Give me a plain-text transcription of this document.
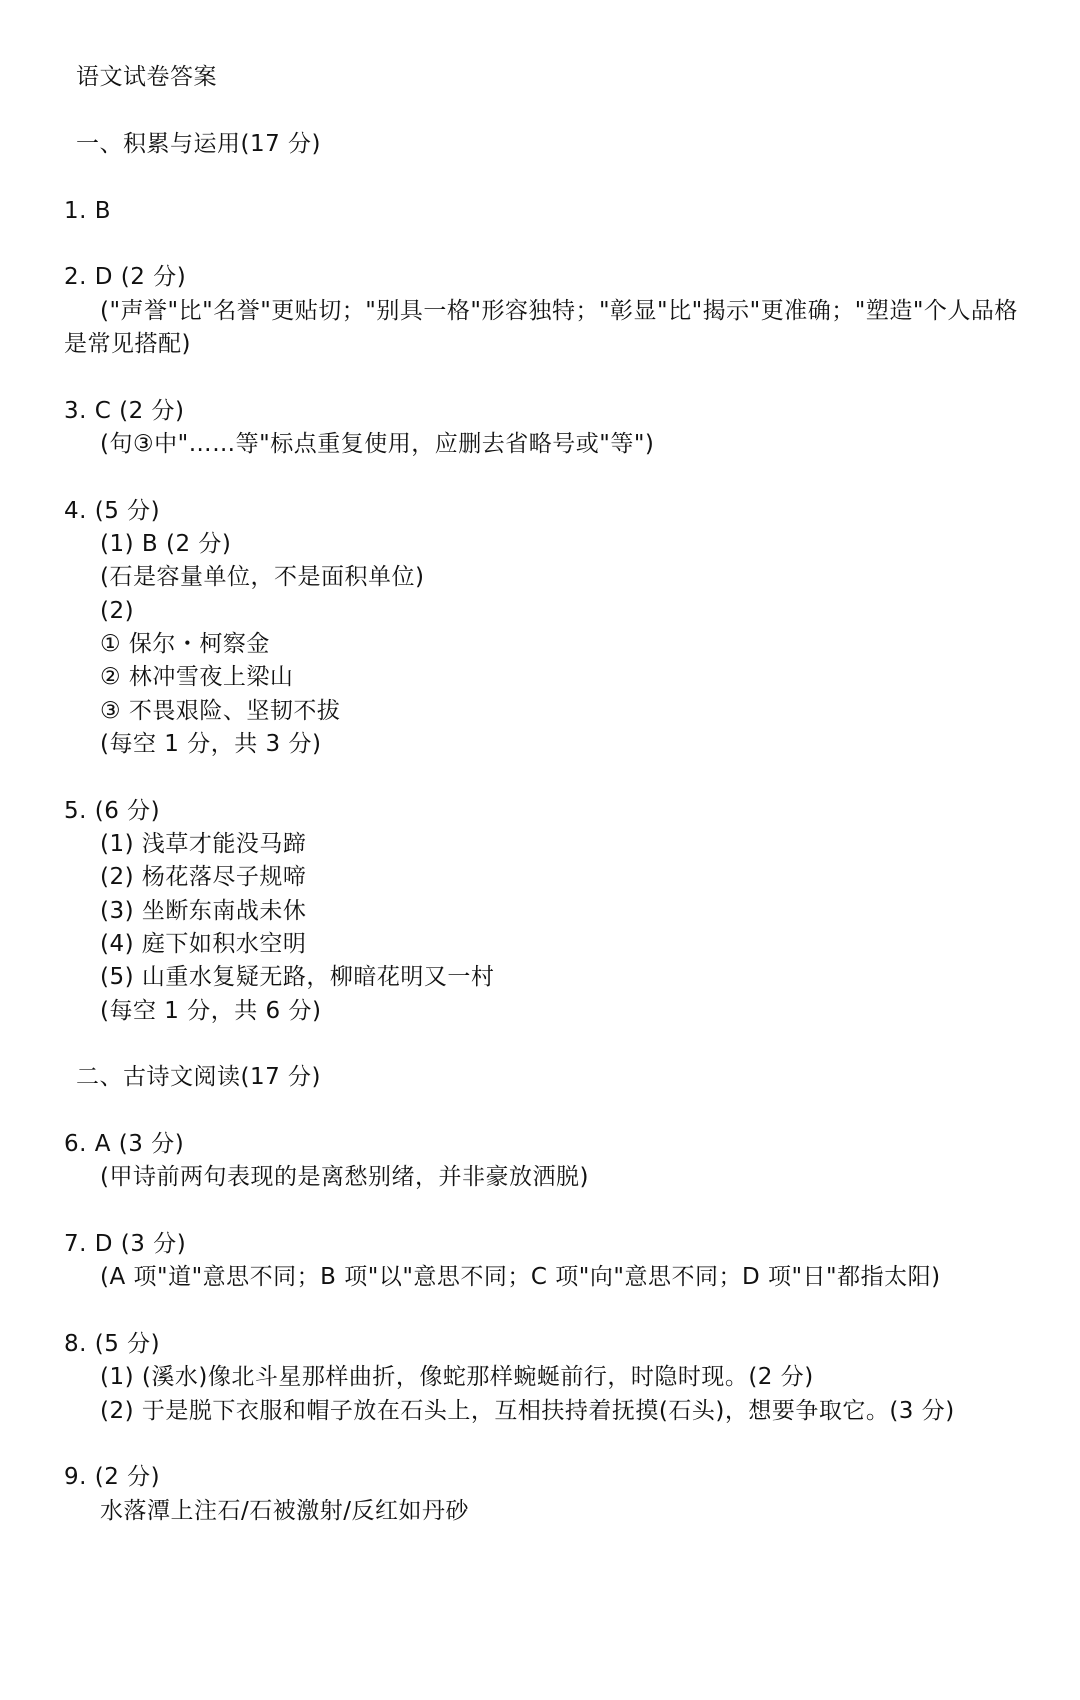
语文试卷答案
一、积累与运用(17 分)
1. B
2. D (2 分)
("声誉"比"名誉"更贴切；"别具一格"形容独特；"彰显"比"揭示"更准确；"塑造"个人品格
是常见搭配)
3. C (2 分)
(句③中"……等"标点重复使用，应删去省略号或"等")
4. (5 分)
(1) B (2 分)
(石是容量单位，不是面积单位)
(2)
① 保尔・柯察金
② 林冲雪夜上梁山
③ 不畏艰险、坚韧不拔
(每空 1 分，共 3 分)
5. (6 分)
(1) 浅草才能没马蹄
(2) 杨花落尽子规啼
(3) 坐断东南战未休
(4) 庭下如积水空明
(5) 山重水复疑无路，柳暗花明又一村
(每空 1 分，共 6 分)
二、古诗文阅读(17 分)
6. A (3 分)
(甲诗前两句表现的是离愁别绪，并非豪放洒脱)
7. D (3 分)
(A 项"道"意思不同；B 项"以"意思不同；C 项"向"意思不同；D 项"日"都指太阳)
8. (5 分)
(1) (溪水)像北斗星那样曲折，像蛇那样蜿蜒前行，时隐时现。(2 分)
(2) 于是脱下衣服和帽子放在石头上，互相扶持着抚摸(石头)，想要争取它。(3 分)
9. (2 分)
水落潭上注石/石被激射/反红如丹砂
